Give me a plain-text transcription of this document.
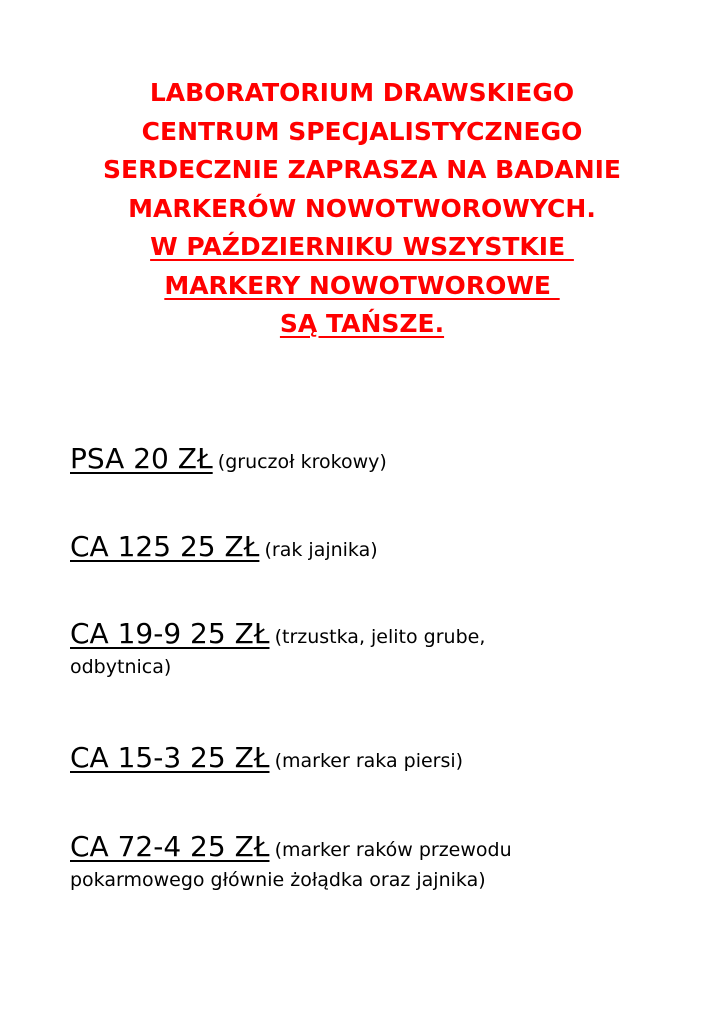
LABORATORIUM DRAWSKIEGO
CENTRUM SPECJALISTYCZNEGO
SERDECZNIE ZAPRASZA NA BADANIE
MARKERÓW NOWOTWOROWYCH.
W PAŹDZIERNIKU WSZYSTKIE
MARKERY NOWOTWOROWE
SĄ TAŃSZE.
PSA 20 ZŁ (gruczoł krokowy)
CA 125 25 ZŁ (rak jajnika)
CA 19-9 25 ZŁ (trzustka, jelito grube,
odbytnica)
CA 15-3 25 ZŁ (marker raka piersi)
CA 72-4 25 ZŁ (marker raków przewodu
pokarmowego głównie żołądka oraz jajnika)
